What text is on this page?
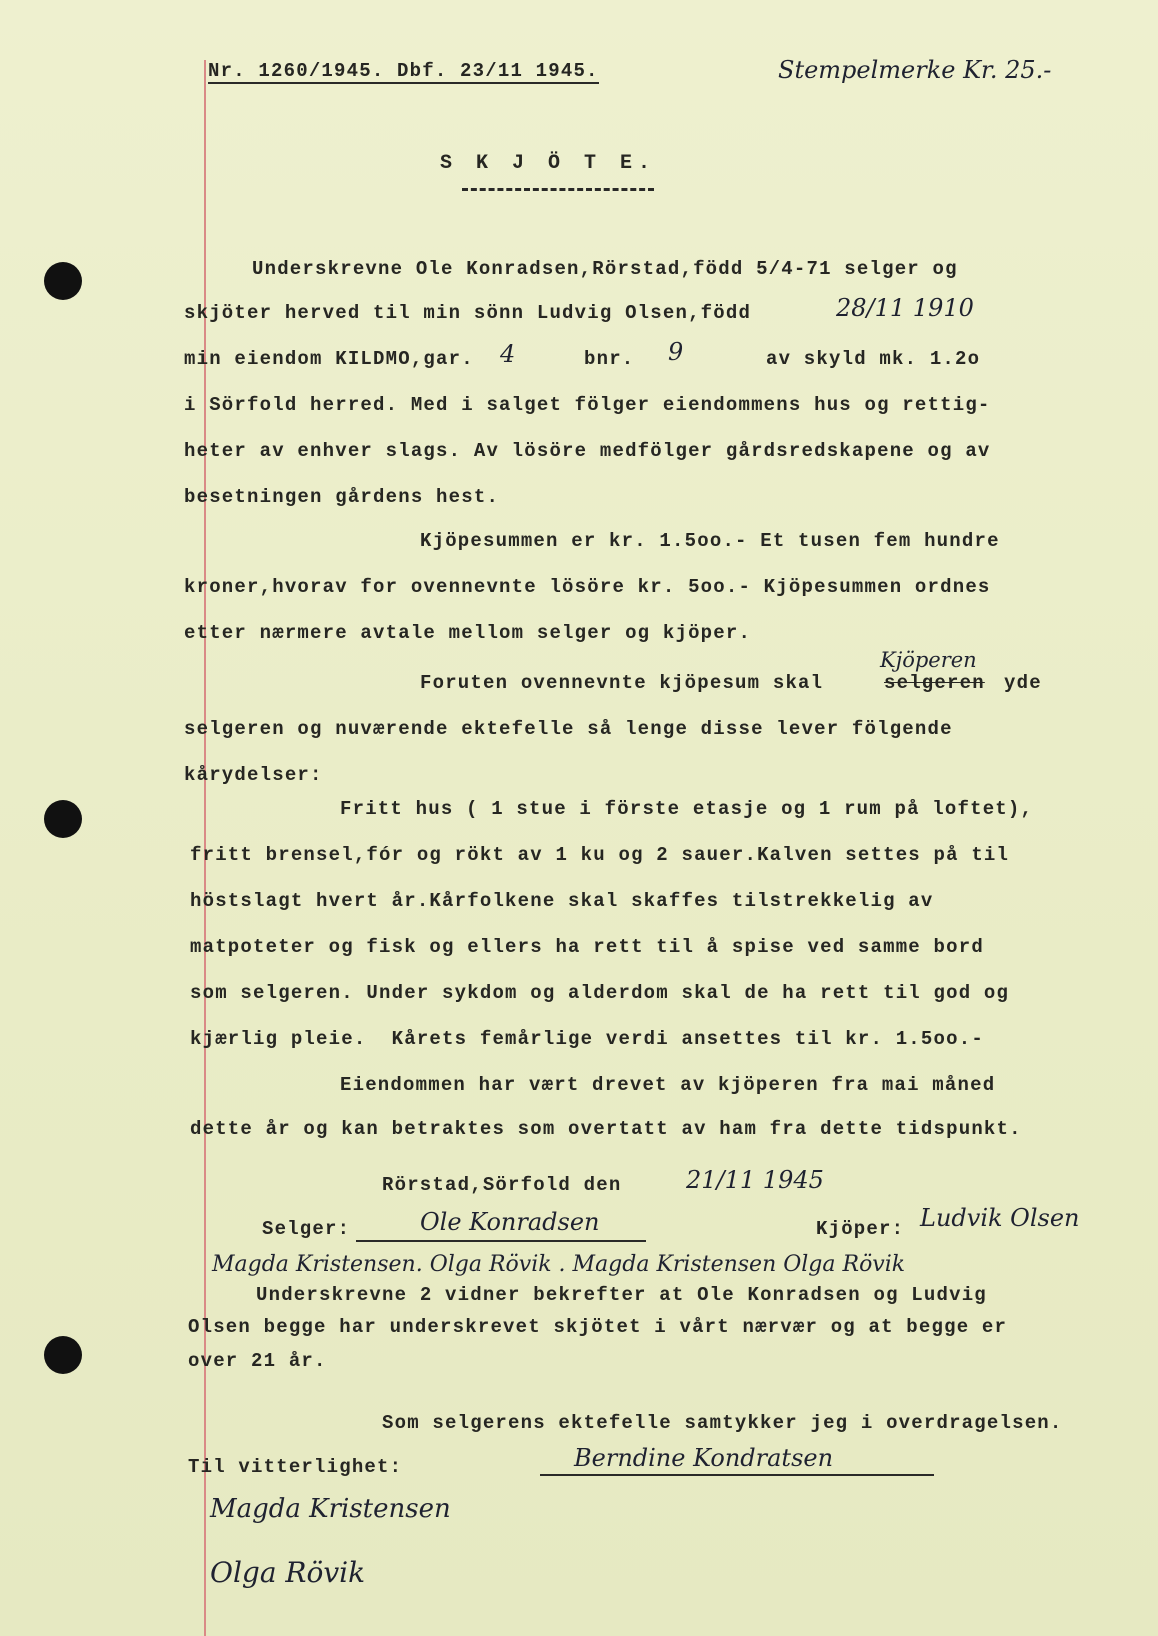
Nr. 1260/1945. Dbf. 23/11 1945.	Stempelmerke Kr. 25.-
S K J Ö T E.
Underskrevne Ole Konradsen,Rörstad,född 5/4-71 selger og
skjöter herved til min sönn Ludvig Olsen,född	28/11 1910
min eiendom KILDMO,gar. 4	bnr. 9	av skyld mk. 1.2o
i Sörfold herred. Med i salget fölger eiendommens hus og rettig-
heter av enhver slags. Av lösöre medfölger gårdsredskapene og av
besetningen gårdens hest.
Kjöpesummen er kr. 1.5oo.- Et tusen fem hundre
kroner,hvorav for ovennevnte lösöre kr. 5oo.- Kjöpesummen ordnes
etter nærmere avtale mellom selger og kjöper.
Kjöperen
Foruten ovennevnte kjöpesum skal	selgeren yde
selgeren og nuværende ektefelle så lenge disse lever fölgende
kårydelser:
Fritt hus ( 1 stue i förste etasje og 1 rum på loftet),
fritt brensel,fór og rökt av 1 ku og 2 sauer.Kalven settes på til
höstslagt hvert år.Kårfolkene skal skaffes tilstrekkelig av
matpoteter og fisk og ellers ha rett til å spise ved samme bord
som selgeren. Under sykdom og alderdom skal de ha rett til god og
kjærlig pleie.  Kårets femårlige verdi ansettes til kr. 1.5oo.-
Eiendommen har vært drevet av kjöperen fra mai måned
dette år og kan betraktes som overtatt av ham fra dette tidspunkt.
Rörstad,Sörfold den	21/11 1945
Selger:	Ole Konradsen	Kjöper: Ludvik Olsen
Magda Kristensen. Olga Rövik . Magda Kristensen Olga Rövik
Underskrevne 2 vidner bekrefter at Ole Konradsen og Ludvig
Olsen begge har underskrevet skjötet i vårt nærvær og at begge er
over 21 år.
Som selgerens ektefelle samtykker jeg i overdragelsen.
Til vitterlighet:	Berndine Kondratsen
Magda Kristensen
Olga Rövik
